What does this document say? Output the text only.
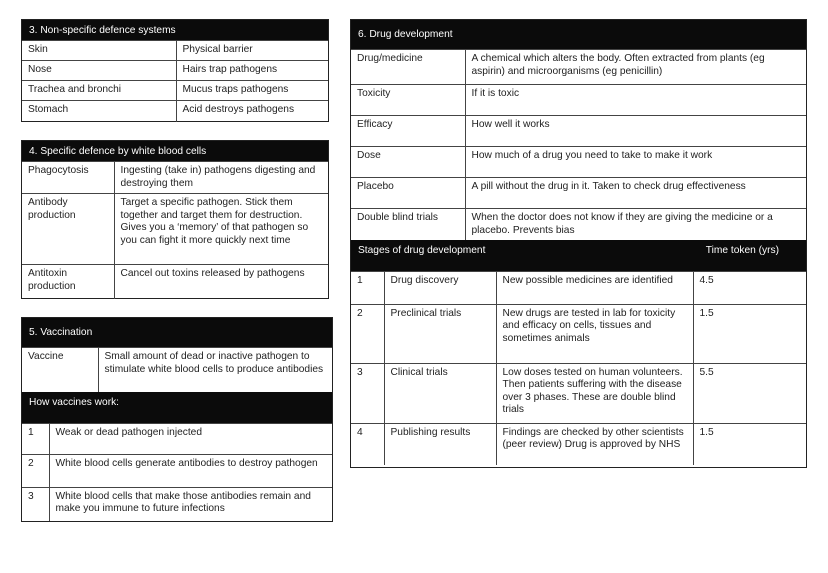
3. Non-specific defence systems
Skin	Physical barrier
Nose	Hairs trap pathogens
Trachea and bronchi	Mucus traps pathogens
Stomach	Acid destroys pathogens
4. Specific defence by white blood cells
Phagocytosis	Ingesting (take in) pathogens digesting and destroying them
Antibody production	Target a specific pathogen. Stick them together and target them for destruction. Gives you a ‘memory’ of that pathogen so you can fight it more quickly next time
Antitoxin production	Cancel out toxins released by pathogens
5. Vaccination
Vaccine	Small amount of dead or inactive pathogen to stimulate white blood cells to produce antibodies
How vaccines work:
1	Weak or dead pathogen injected
2	White blood cells generate antibodies to destroy pathogen
3	White blood cells that make those antibodies remain and make you immune to future infections
6. Drug development
Drug/medicine	A chemical which alters the body. Often extracted from plants (eg aspirin) and microorganisms (eg penicillin)
Toxicity	If it is toxic
Efficacy	How well it works
Dose	How much of a drug you need to take to make it work
Placebo	A pill without the drug in it. Taken to check drug effectiveness
Double blind trials	When the doctor does not know if they are giving the medicine or a placebo. Prevents bias
Stages of drug development	Time token (yrs)
1	Drug discovery	New possible medicines are identified	4.5
2	Preclinical trials	New drugs are tested in lab for toxicity and efficacy on cells, tissues and sometimes animals	1.5
3	Clinical trials	Low doses tested on human volunteers. Then patients suffering with the disease over 3 phases. These are double blind trials	5.5
4	Publishing results	Findings are checked by other scientists (peer review) Drug is approved by NHS	1.5
